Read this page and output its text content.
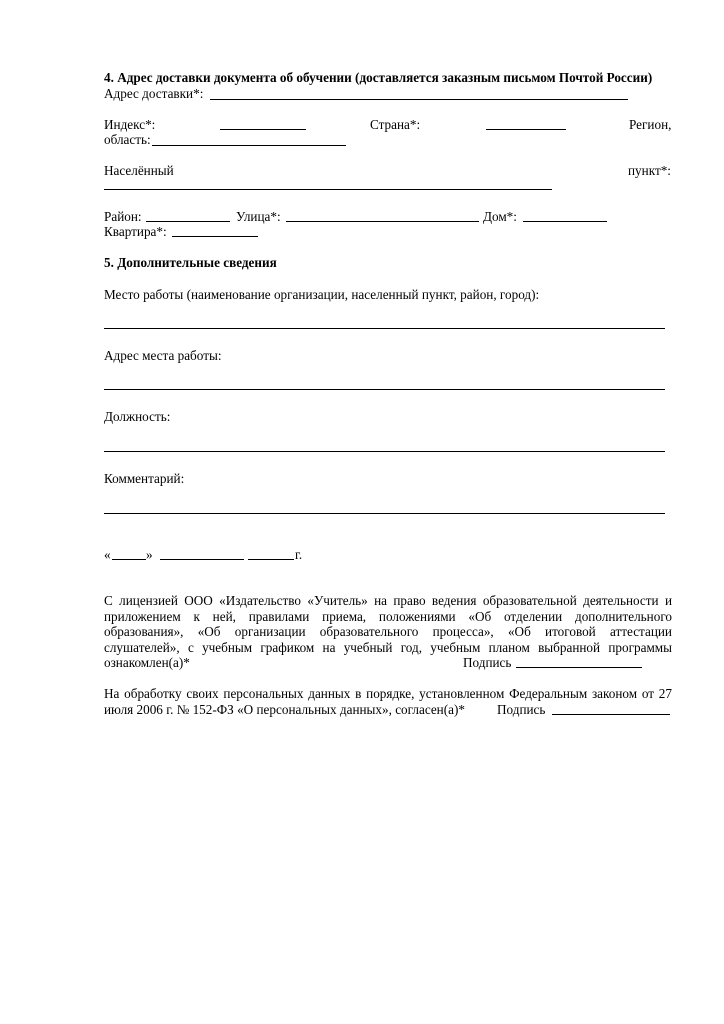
4. Адрес доставки документа об обучении (доставляется заказным письмом Почтой России)
Адрес доставки*:
Индекс*:	Страна*:	Регион,
область:
Населённый	пункт*:
Район:	Улица*:	Дом*:
Квартира*:
5. Дополнительные сведения
Место работы (наименование организации, населенный пункт, район, город):
Адрес места работы:
Должность:
Комментарий:
«	»	г.
С лицензией ООО «Издательство «Учитель» на право ведения образовательной деятельности и
приложением к ней, правилами приема, положениями «Об отделении дополнительного
образования», «Об организации образовательного процесса», «Об итоговой аттестации
слушателей», с учебным графиком на учебный год, учебным планом выбранной программы
ознакомлен(а)*	Подпись
На обработку своих персональных данных в порядке, установленном Федеральным законом от 27
июля 2006 г. № 152-ФЗ «О персональных данных», согласен(а)* Подпись
